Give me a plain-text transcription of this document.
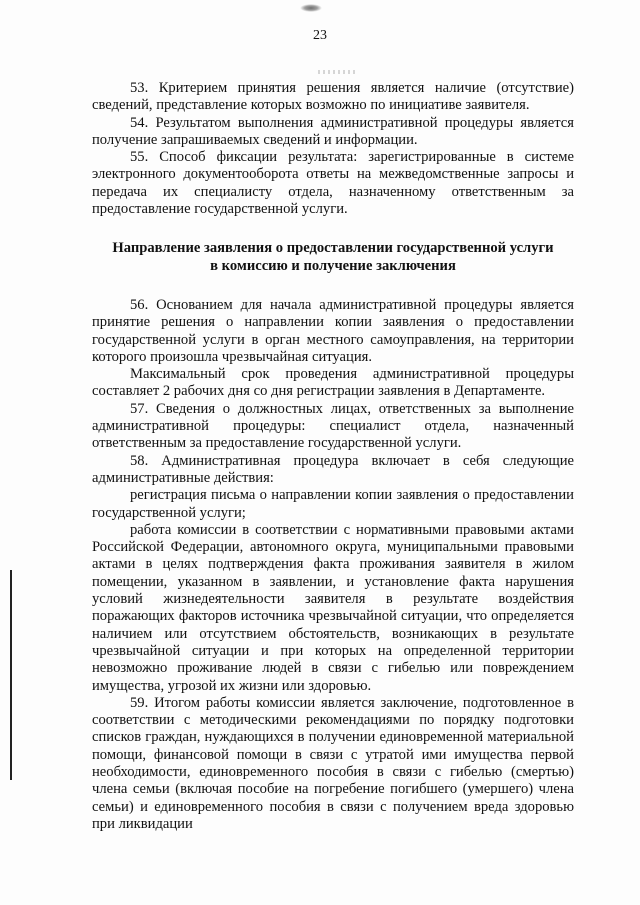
23

53. Критерием принятия решения является наличие (отсутствие) сведений, представление которых возможно по инициативе заявителя.

54. Результатом выполнения административной процедуры является получение запрашиваемых сведений и информации.

55. Способ фиксации результата: зарегистрированные в системе электронного документооборота ответы на межведомственные запросы и передача их специалисту отдела, назначенному ответственным за предоставление государственной услуги.

Направление заявления о предоставлении государственной услуги
в комиссию и получение заключения

56. Основанием для начала административной процедуры является принятие решения о направлении копии заявления о предоставлении государственной услуги в орган местного самоуправления, на территории которого произошла чрезвычайная ситуация.

Максимальный срок проведения административной процедуры составляет 2 рабочих дня со дня регистрации заявления в Департаменте.

57. Сведения о должностных лицах, ответственных за выполнение административной процедуры: специалист отдела, назначенный ответственным за предоставление государственной услуги.

58. Административная процедура включает в себя следующие административные действия:

регистрация письма о направлении копии заявления о предоставлении государственной услуги;

работа комиссии в соответствии с нормативными правовыми актами Российской Федерации, автономного округа, муниципальными правовыми актами в целях подтверждения факта проживания заявителя в жилом помещении, указанном в заявлении, и установление факта нарушения условий жизнедеятельности заявителя в результате воздействия поражающих факторов источника чрезвычайной ситуации, что определяется наличием или отсутствием обстоятельств, возникающих в результате чрезвычайной ситуации и при которых на определенной территории невозможно проживание людей в связи с гибелью или повреждением имущества, угрозой их жизни или здоровью.

59. Итогом работы комиссии является заключение, подготовленное в соответствии с методическими рекомендациями по порядку подготовки списков граждан, нуждающихся в получении единовременной материальной помощи, финансовой помощи в связи с утратой ими имущества первой необходимости, единовременного пособия в связи с гибелью (смертью) члена семьи (включая пособие на погребение погибшего (умершего) члена семьи) и единовременного пособия в связи с получением вреда здоровью при ликвидации
